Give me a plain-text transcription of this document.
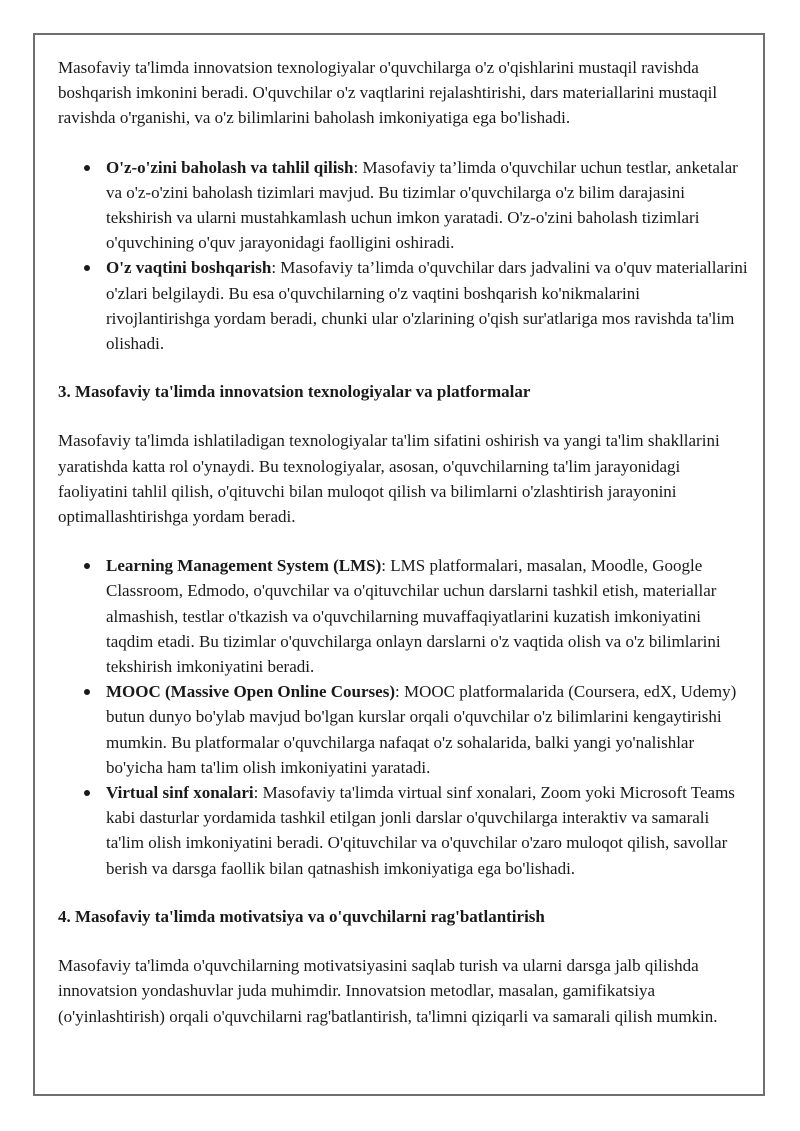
Masofaviy ta'limda innovatsion texnologiyalar o'quvchilarga o'z o'qishlarini mustaqil ravishda boshqarish imkonini beradi. O'quvchilar o'z vaqtlarini rejalashtirishi, dars materiallarini mustaqil ravishda o'rganishi, va o'z bilimlarini baholash imkoniyatiga ega bo'lishadi.

O'z-o'zini baholash va tahlil qilish: Masofaviy ta’limda o'quvchilar uchun testlar, anketalar va o'z-o'zini baholash tizimlari mavjud. Bu tizimlar o'quvchilarga o'z bilim darajasini tekshirish va ularni mustahkamlash uchun imkon yaratadi. O'z-o'zini baholash tizimlari o'quvchining o'quv jarayonidagi faolligini oshiradi.
O'z vaqtini boshqarish: Masofaviy ta’limda o'quvchilar dars jadvalini va o'quv materiallarini o'zlari belgilaydi. Bu esa o'quvchilarning o'z vaqtini boshqarish ko'nikmalarini rivojlantirishga yordam beradi, chunki ular o'zlarining o'qish sur'atlariga mos ravishda ta'lim olishadi.
3. Masofaviy ta'limda innovatsion texnologiyalar va platformalar

Masofaviy ta'limda ishlatiladigan texnologiyalar ta'lim sifatini oshirish va yangi ta'lim shakllarini yaratishda katta rol o'ynaydi. Bu texnologiyalar, asosan, o'quvchilarning ta'lim jarayonidagi faoliyatini tahlil qilish, o'qituvchi bilan muloqot qilish va bilimlarni o'zlashtirish jarayonini optimallashtirishga yordam beradi.

Learning Management System (LMS): LMS platformalari, masalan, Moodle, Google Classroom, Edmodo, o'quvchilar va o'qituvchilar uchun darslarni tashkil etish, materiallar almashish, testlar o'tkazish va o'quvchilarning muvaffaqiyatlarini kuzatish imkoniyatini taqdim etadi. Bu tizimlar o'quvchilarga onlayn darslarni o'z vaqtida olish va o'z bilimlarini tekshirish imkoniyatini beradi.
MOOC (Massive Open Online Courses): MOOC platformalarida (Coursera, edX, Udemy) butun dunyo bo'ylab mavjud bo'lgan kurslar orqali o'quvchilar o'z bilimlarini kengaytirishi mumkin. Bu platformalar o'quvchilarga nafaqat o'z sohalarida, balki yangi yo'nalishlar bo'yicha ham ta'lim olish imkoniyatini yaratadi.
Virtual sinf xonalari: Masofaviy ta'limda virtual sinf xonalari, Zoom yoki Microsoft Teams kabi dasturlar yordamida tashkil etilgan jonli darslar o'quvchilarga interaktiv va samarali ta'lim olish imkoniyatini beradi. O'qituvchilar va o'quvchilar o'zaro muloqot qilish, savollar berish va darsga faollik bilan qatnashish imkoniyatiga ega bo'lishadi.
4. Masofaviy ta'limda motivatsiya va o'quvchilarni rag'batlantirish

Masofaviy ta'limda o'quvchilarning motivatsiyasini saqlab turish va ularni darsga jalb qilishda innovatsion yondashuvlar juda muhimdir. Innovatsion metodlar, masalan, gamifikatsiya (o'yinlashtirish) orqali o'quvchilarni rag'batlantirish, ta'limni qiziqarli va samarali qilish mumkin.
